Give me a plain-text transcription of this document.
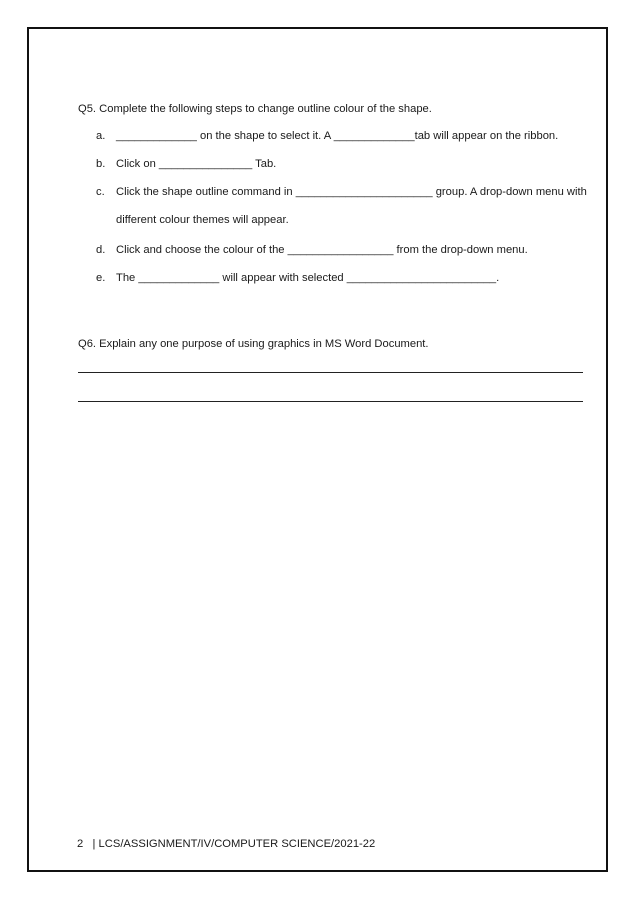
Q5. Complete the following steps to change outline colour of the shape.
a. _____________ on the shape to select it. A _____________tab will appear on the ribbon.
b. Click on _______________ Tab.
c. Click the shape outline command in ______________________ group. A drop-down menu with
different colour themes will appear.
d. Click and choose the colour of the _________________ from the drop-down menu.
e. The _____________ will appear with selected ________________________.
Q6. Explain any one purpose of using graphics in MS Word Document.
2   | LCS/ASSIGNMENT/IV/COMPUTER SCIENCE/2021-22
